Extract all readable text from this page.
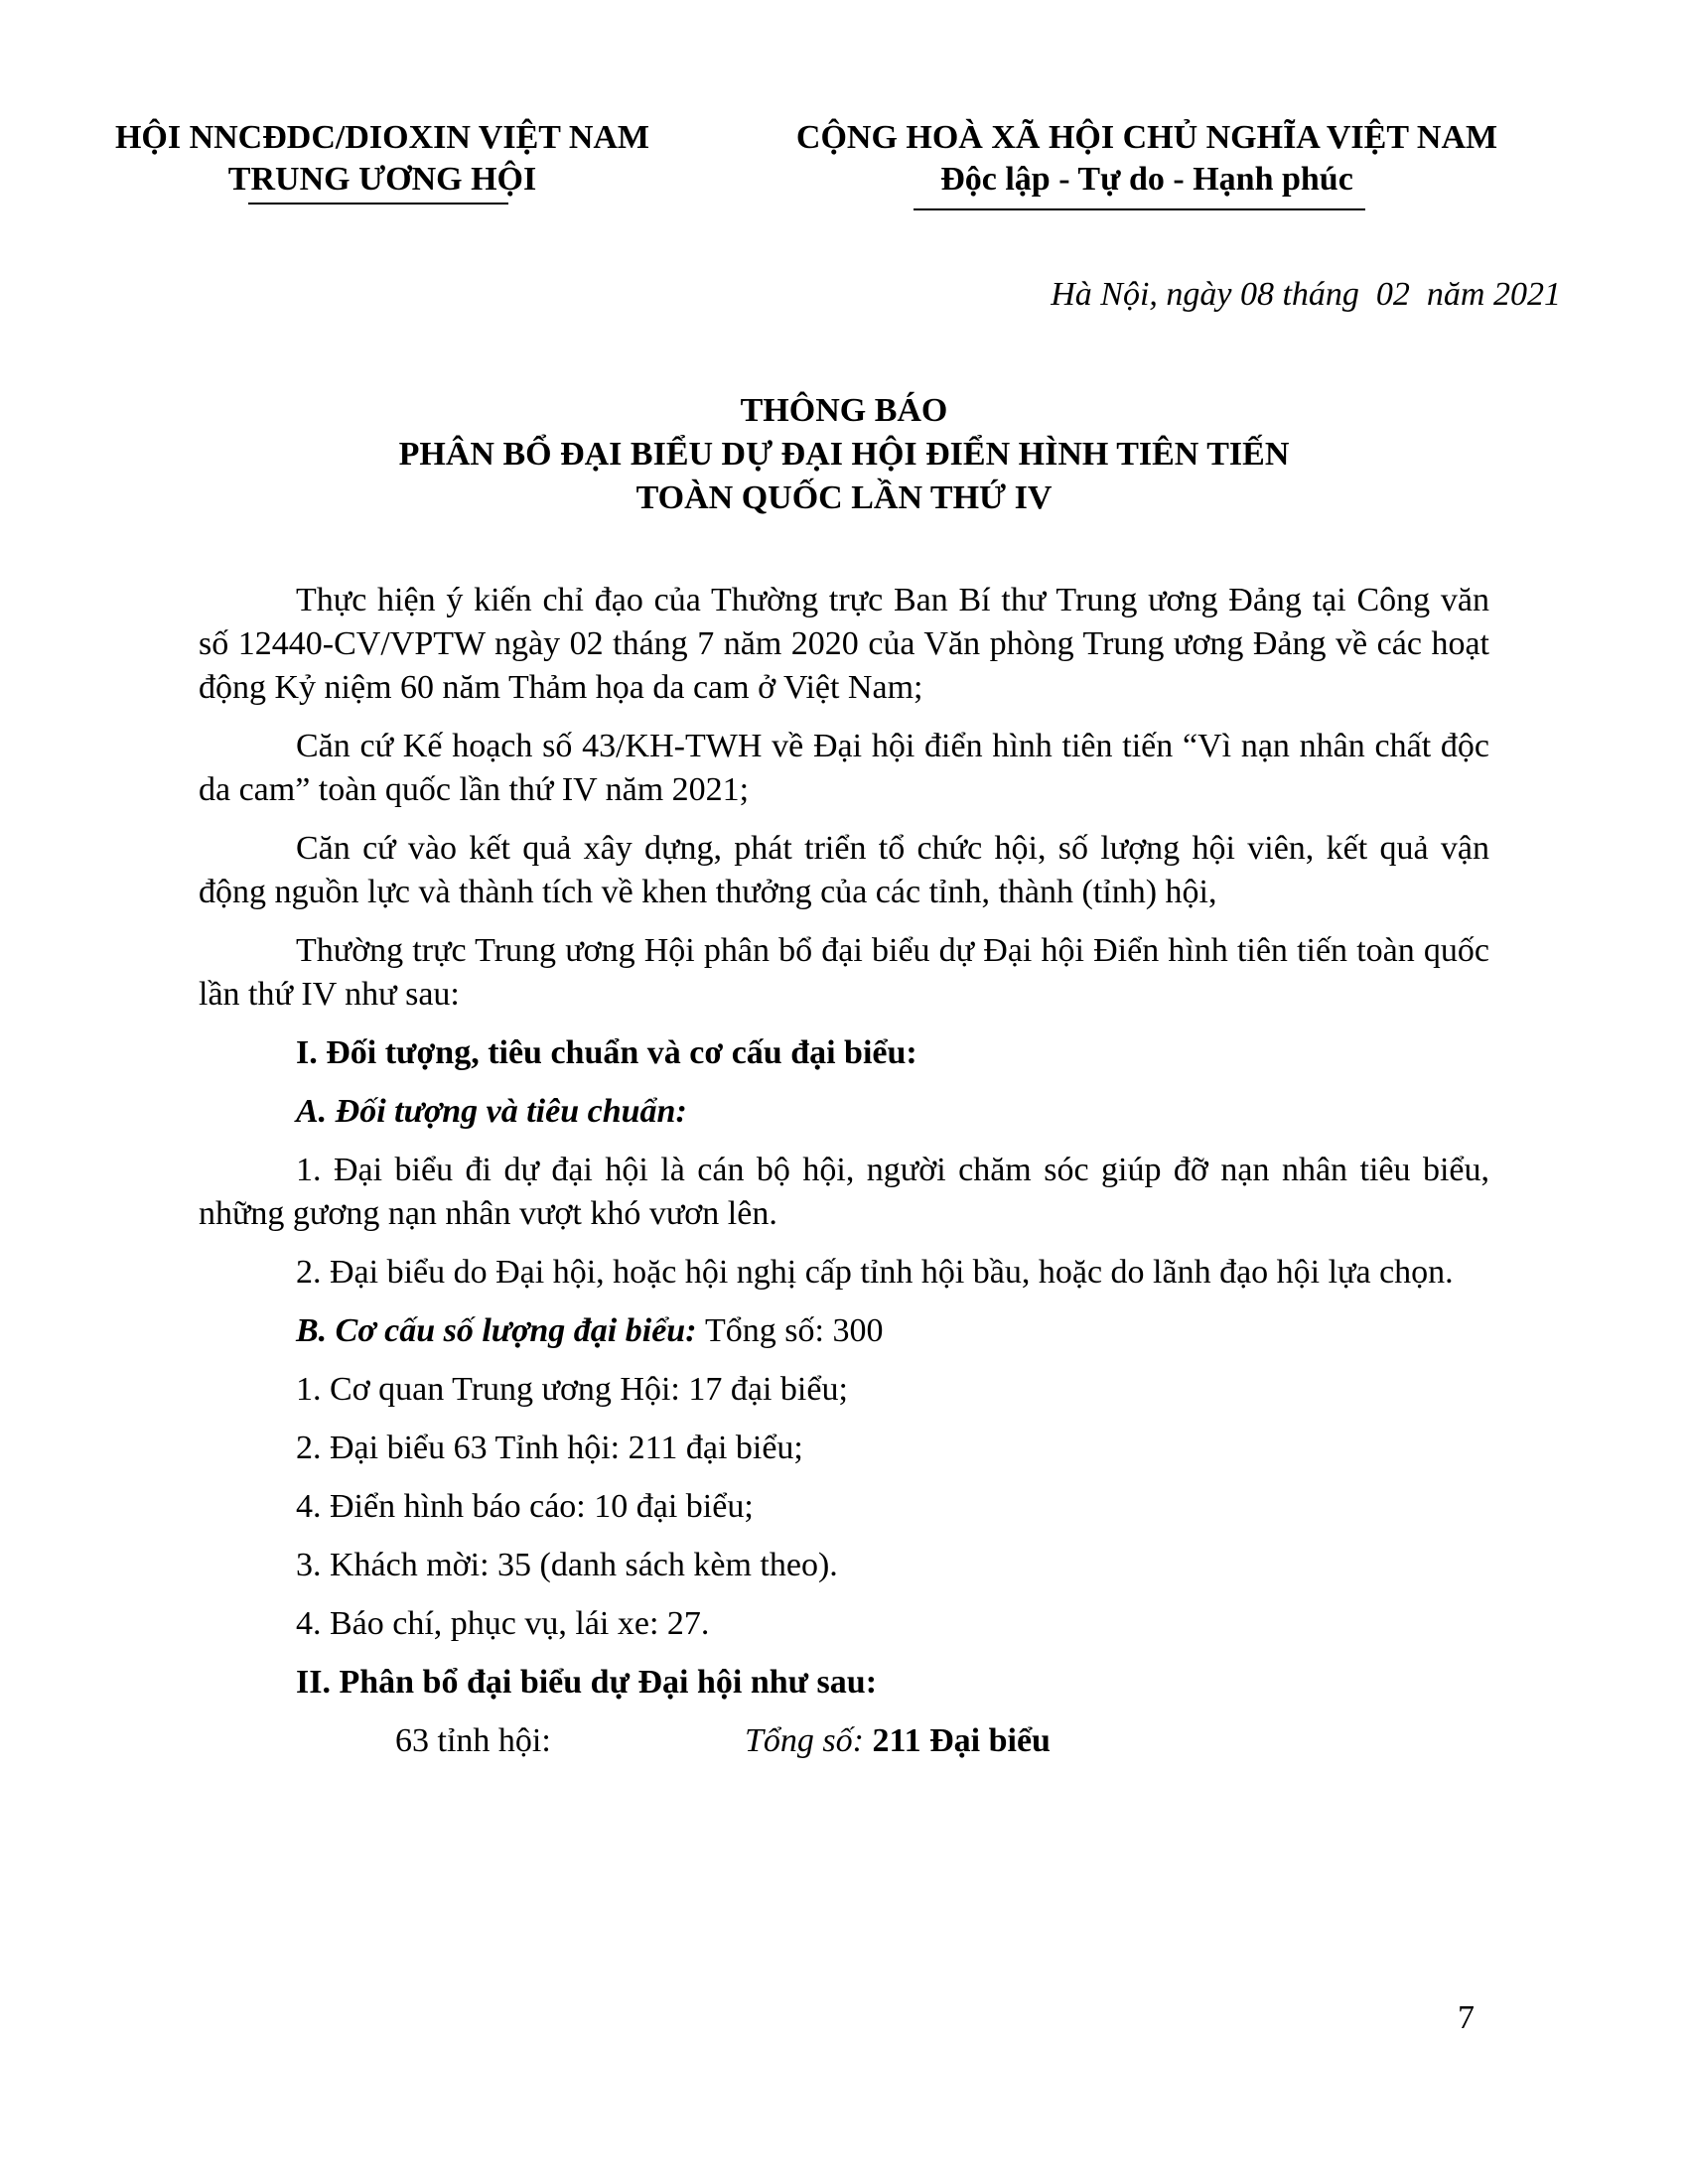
HỘI NNCĐDC/DIOXIN VIỆT NAM
TRUNG ƯƠNG HỘI
CỘNG HOÀ XÃ HỘI CHỦ NGHĨA VIỆT NAM
Độc lập - Tự do - Hạnh phúc
Hà Nội, ngày 08 tháng  02  năm 2021
THÔNG BÁO
PHÂN BỔ ĐẠI BIỂU DỰ ĐẠI HỘI ĐIỂN HÌNH TIÊN TIẾN
TOÀN QUỐC LẦN THỨ IV

Thực hiện ý kiến chỉ đạo của Thường trực Ban Bí thư Trung ương Đảng tại Công văn số 12440-CV/VPTW ngày 02 tháng 7 năm 2020 của Văn phòng Trung ương Đảng về các hoạt động Kỷ niệm 60 năm Thảm họa da cam ở Việt Nam;

Căn cứ Kế hoạch số 43/KH-TWH về Đại hội điển hình tiên tiến “Vì nạn nhân chất độc da cam” toàn quốc lần thứ IV năm 2021;

Căn cứ vào kết quả xây dựng, phát triển tổ chức hội, số lượng hội viên, kết quả vận động nguồn lực và thành tích về khen thưởng của các tỉnh, thành (tỉnh) hội,

Thường trực Trung ương Hội phân bổ đại biểu dự Đại hội Điển hình tiên tiến toàn quốc lần thứ IV như sau:

I. Đối tượng, tiêu chuẩn và cơ cấu đại biểu:
A. Đối tượng và tiêu chuẩn:

1. Đại biểu đi dự đại hội là cán bộ hội, người chăm sóc giúp đỡ nạn nhân tiêu biểu, những gương nạn nhân vượt khó vươn lên.

2. Đại biểu do Đại hội, hoặc hội nghị cấp tỉnh hội bầu, hoặc do lãnh đạo hội lựa chọn.

B. Cơ cấu số lượng đại biểu: Tổng số: 300
1. Cơ quan Trung ương Hội: 17 đại biểu;
2. Đại biểu 63 Tỉnh hội: 211 đại biểu;
4. Điển hình báo cáo: 10 đại biểu;
3. Khách mời: 35 (danh sách kèm theo).
4. Báo chí, phục vụ, lái xe: 27.
II. Phân bổ đại biểu dự Đại hội như sau:
63 tỉnh hội:	Tổng số: 211 Đại biểu
7
